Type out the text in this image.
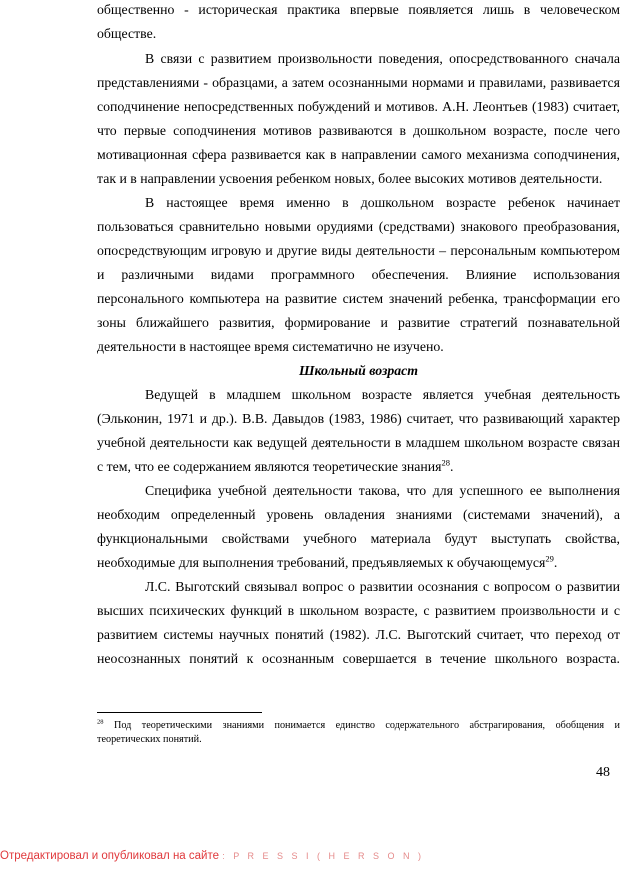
общественно - историческая практика впервые появляется лишь в человеческом
обществе.
В связи с развитием произвольности поведения, опосредствованного сначала
представлениями - образцами, а затем осознанными нормами и правилами, развивается
соподчинение непосредственных побуждений и мотивов. А.Н. Леонтьев (1983) считает,
что первые соподчинения мотивов развиваются в дошкольном возрасте, после чего
мотивационная сфера развивается как в направлении самого механизма соподчинения,
так и в направлении усвоения ребенком новых, более высоких мотивов деятельности.
В настоящее время именно в дошкольном возрасте ребенок начинает
пользоваться сравнительно новыми орудиями (средствами) знакового преобразования,
опосредствующим игровую и другие виды деятельности – персональным компьютером
и различными видами программного обеспечения. Влияние использования
персонального компьютера на развитие систем значений ребенка, трансформации его
зоны ближайшего развития, формирование и развитие стратегий познавательной
деятельности в настоящее время систематично не изучено.
Школьный возраст
Ведущей в младшем школьном возрасте является учебная деятельность
(Эльконин, 1971 и др.). В.В. Давыдов (1983, 1986) считает, что развивающий характер
учебной деятельности как ведущей деятельности в младшем школьном возрасте связан
с тем, что ее содержанием являются теоретические знания$^{28}$.
Специфика учебной деятельности такова, что для успешного ее выполнения
необходим определенный уровень овладения знаниями (системами значений), а
функциональными свойствами учебного материала будут выступать свойства,
необходимые для выполнения требований, предъявляемых к обучающемуся$^{29}$.
Л.С. Выготский связывал вопрос о развитии осознания с вопросом о развитии
высших психических функций в школьном возрасте, с развитием произвольности и с
развитием системы научных понятий (1982). Л.С. Выготский считает, что переход от
неосознанных понятий к осознанным совершается в течение школьного возраста.
$^{28}$ Под теоретическими знаниями понимается единство содержательного абстрагирования, обобщения и
теоретических понятий.
48
Отредактировал и опубликовал на сайте : P R E S S I ( H E R S O N )
